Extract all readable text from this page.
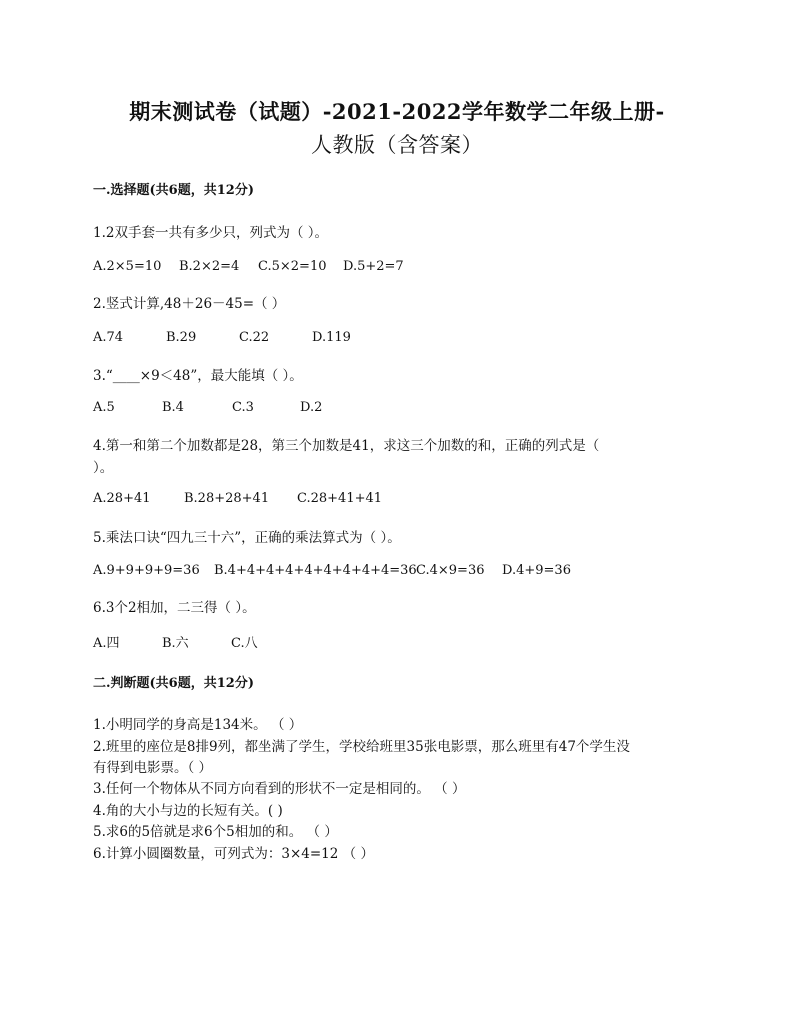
期末测试卷（试题）-2021-2022学年数学二年级上册-
人教版（含答案）
一.选择题(共6题，共12分)
1.2双手套一共有多少只，列式为（ ）。
A.2×5=10 B.2×2=4 C.5×2=10 D.5+2=7
2.竖式计算,48＋26－45=（ ）
A.74	B.29	C.22	D.119
3.“____×9＜48”，最大能填（ ）。
A.5	B.4	C.3	D.2
4.第一和第二个加数都是28，第三个加数是41，求这三个加数的和，正确的列式是（
）。
A.28+41	B.28+28+41 C.28+41+41
5.乘法口诀“四九三十六”，正确的乘法算式为（ ）。
A.9+9+9+9=36 B.4+4+4+4+4+4+4+4+4=36 C.4×9=36 D.4+9=36
6.3个2相加，二三得（ ）。
A.四	B.六	C.八
二.判断题(共6题，共12分)
1.小明同学的身高是134米。 （ ）
2.班里的座位是8排9列，都坐满了学生，学校给班里35张电影票，那么班里有47个学生没
有得到电影票。（ ）
3.任何一个物体从不同方向看到的形状不一定是相同的。 （ ）
4.角的大小与边的长短有关。( )
5.求6的5倍就是求6个5相加的和。 （ ）
6.计算小圆圈数量，可列式为：3×4=12 （ ）
